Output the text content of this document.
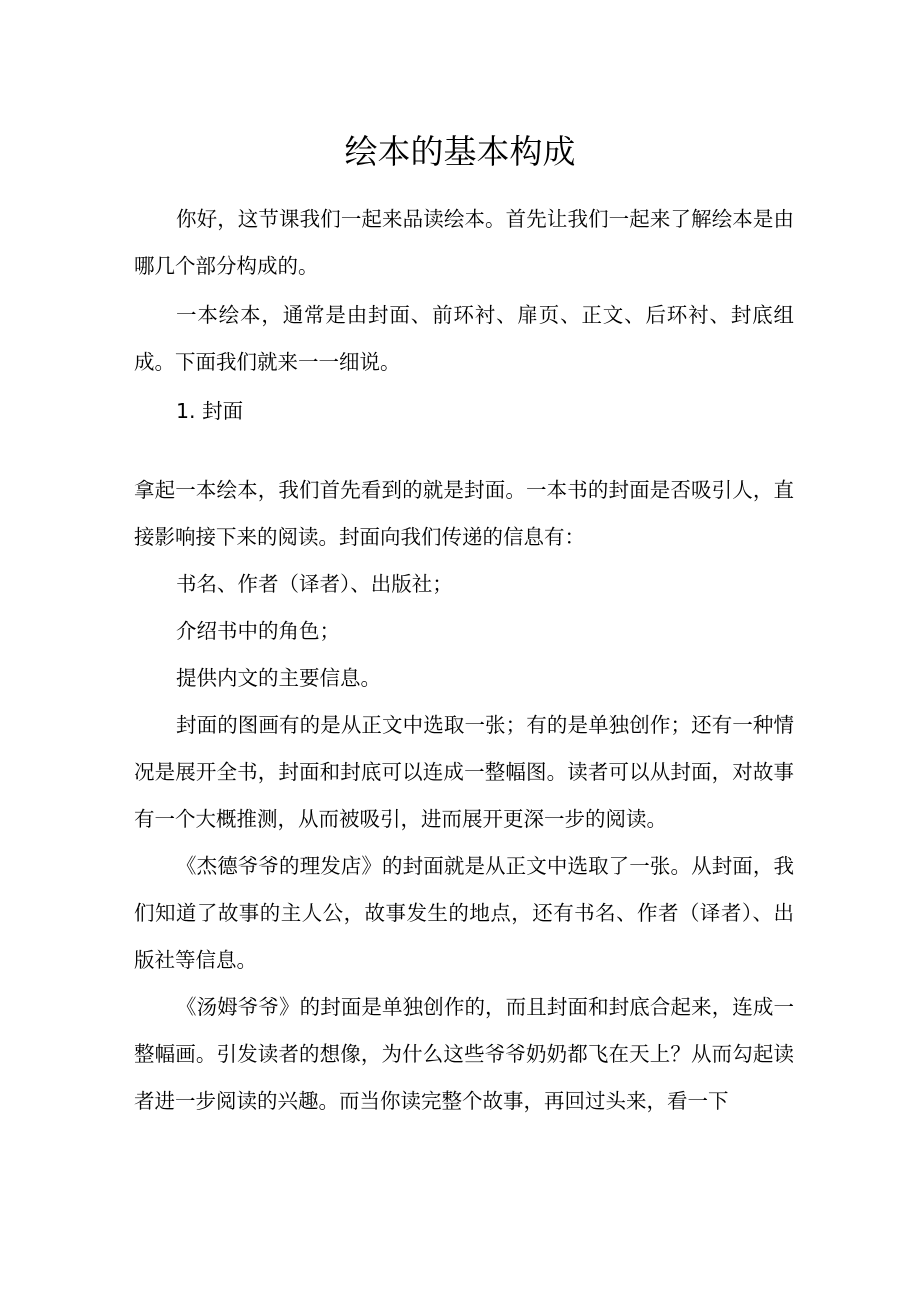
绘本的基本构成

你好，这节课我们一起来品读绘本。首先让我们一起来了解绘本是由哪几个部分构成的。

一本绘本，通常是由封面、前环衬、扉页、正文、后环衬、封底组成。下面我们就来一一细说。

1. 封面

拿起一本绘本，我们首先看到的就是封面。一本书的封面是否吸引人，直接影响接下来的阅读。封面向我们传递的信息有：

书名、作者（译者）、出版社；

介绍书中的角色；

提供内文的主要信息。

封面的图画有的是从正文中选取一张；有的是单独创作；还有一种情况是展开全书，封面和封底可以连成一整幅图。读者可以从封面，对故事有一个大概推测，从而被吸引，进而展开更深一步的阅读。

《杰德爷爷的理发店》的封面就是从正文中选取了一张。从封面，我们知道了故事的主人公，故事发生的地点，还有书名、作者（译者）、出版社等信息。

《汤姆爷爷》的封面是单独创作的，而且封面和封底合起来，连成一整幅画。引发读者的想像，为什么这些爷爷奶奶都飞在天上？从而勾起读者进一步阅读的兴趣。而当你读完整个故事，再回过头来，看一下
